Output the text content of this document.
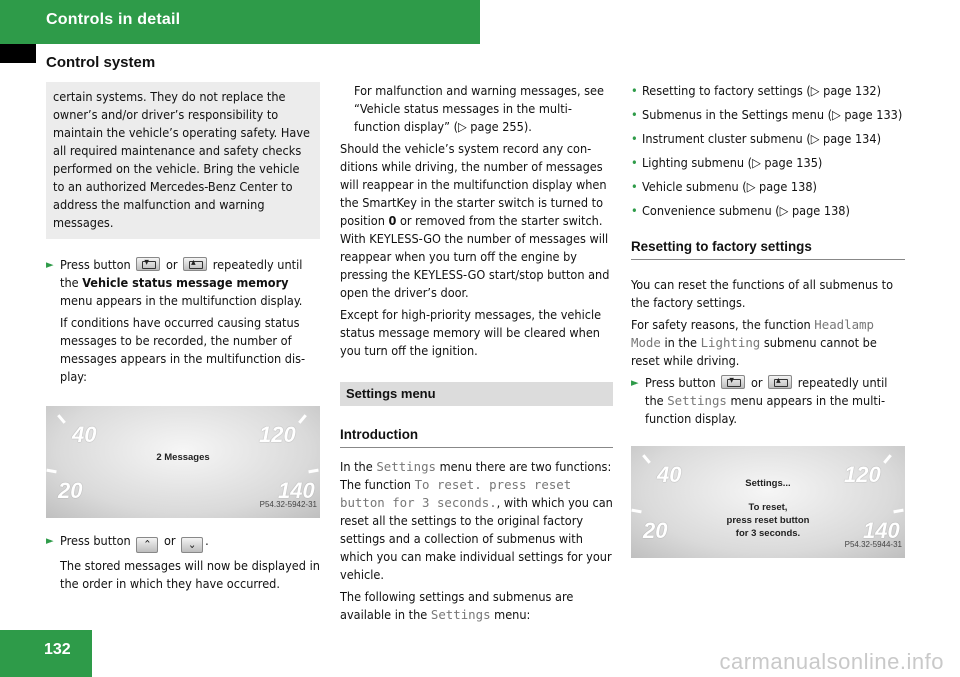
Controls in detail
Control system
certain systems. They do not replace the owner’s and/or driver’s responsibility to maintain the vehicle’s operating safety. Have all required maintenance and safety checks performed on the vehicle. Bring the vehicle to an authorized Mercedes-Benz Center to address the malfunction and warning messages.
► Press button ▾	or ▴	repeatedly until the Vehicle status message memory menu appears in the multifunction display.
If conditions have occurred causing status messages to be recorded, the number of messages appears in the multifunction display:
40	120
20	140
2 Messages
P54.32-5942-31
► Press button ⌃ or ⌄ .
The stored messages will now be displayed in the order in which they have occurred.
For malfunction and warning messages, see “Vehicle status messages in the multifunction display” (▷ page 255).

Should the vehicle’s system record any conditions while driving, the number of messages will reappear in the multifunction display when the SmartKey in the starter switch is turned to position 0 or removed from the starter switch. With KEYLESS-GO the number of messages will reappear when you turn off the engine by pressing the KEYLESS-GO start/stop button and open the driver’s door.

Except for high-priority messages, the vehicle status message memory will be cleared when you turn off the ignition.

Settings menu
Introduction

In the Settings menu there are two functions: The function To reset. press reset button for 3 seconds., with which you can reset all the settings to the original factory settings and a collection of submenus with which you can make individual settings for your vehicle.

The following settings and submenus are available in the Settings menu:

• Resetting to factory settings (▷ page 132)
• Submenus in the Settings menu (▷ page 133)
• Instrument cluster submenu (▷ page 134)
• Lighting submenu (▷ page 135)
• Vehicle submenu (▷ page 138)
• Convenience submenu (▷ page 138)
Resetting to factory settings

You can reset the functions of all submenus to the factory settings.

For safety reasons, the function Headlamp Mode in the Lighting submenu cannot be reset while driving.

► Press button ▾	or ▴	repeatedly until the Settings menu appears in the multifunction display.
40	120
20	140
Settings...
To reset,
press reset button
for 3 seconds.
P54.32-5944-31
132	carmanualsonline.info
